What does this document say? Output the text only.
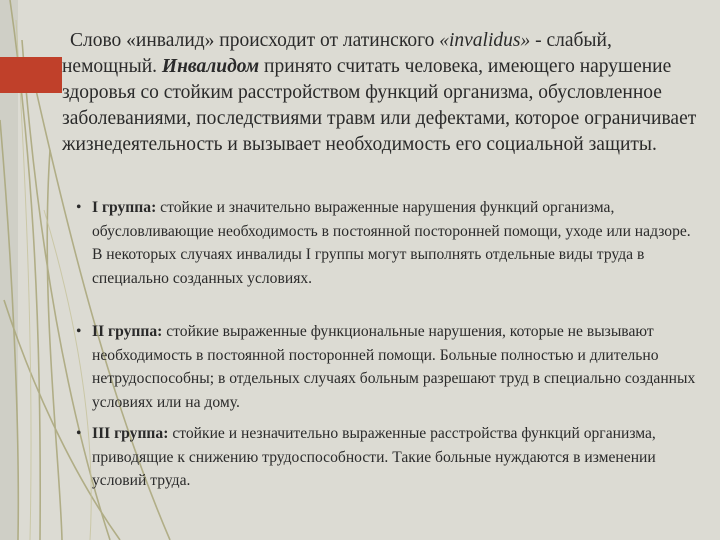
Слово «инвалид» происходит от латинского «invalidus» - слабый, немощный. Инвалидом принято считать человека, имеющего нарушение здоровья со стойким расстройством функций организма, обусловленное заболеваниями, последствиями травм или дефектами, которое ограничивает жизнедеятельность и вызывает необходимость его социальной защиты.

• I группа: стойкие и значительно выраженные нарушения функций организма, обусловливающие необходимость в постоянной посторонней помощи, уходе или надзоре. В некоторых случаях инвалиды I группы могут выполнять отдельные виды труда в специально созданных условиях.
• II группа: стойкие выраженные функциональные нарушения, которые не вызывают необходимость в постоянной посторонней помощи. Больные полностью и длительно нетрудоспособны; в отдельных случаях больным разрешают труд в специально созданных условиях или на дому.
• III группа: стойкие и незначительно выраженные расстройства функций организма, приводящие к снижению трудоспособности. Такие больные нуждаются в изменении условий труда.
